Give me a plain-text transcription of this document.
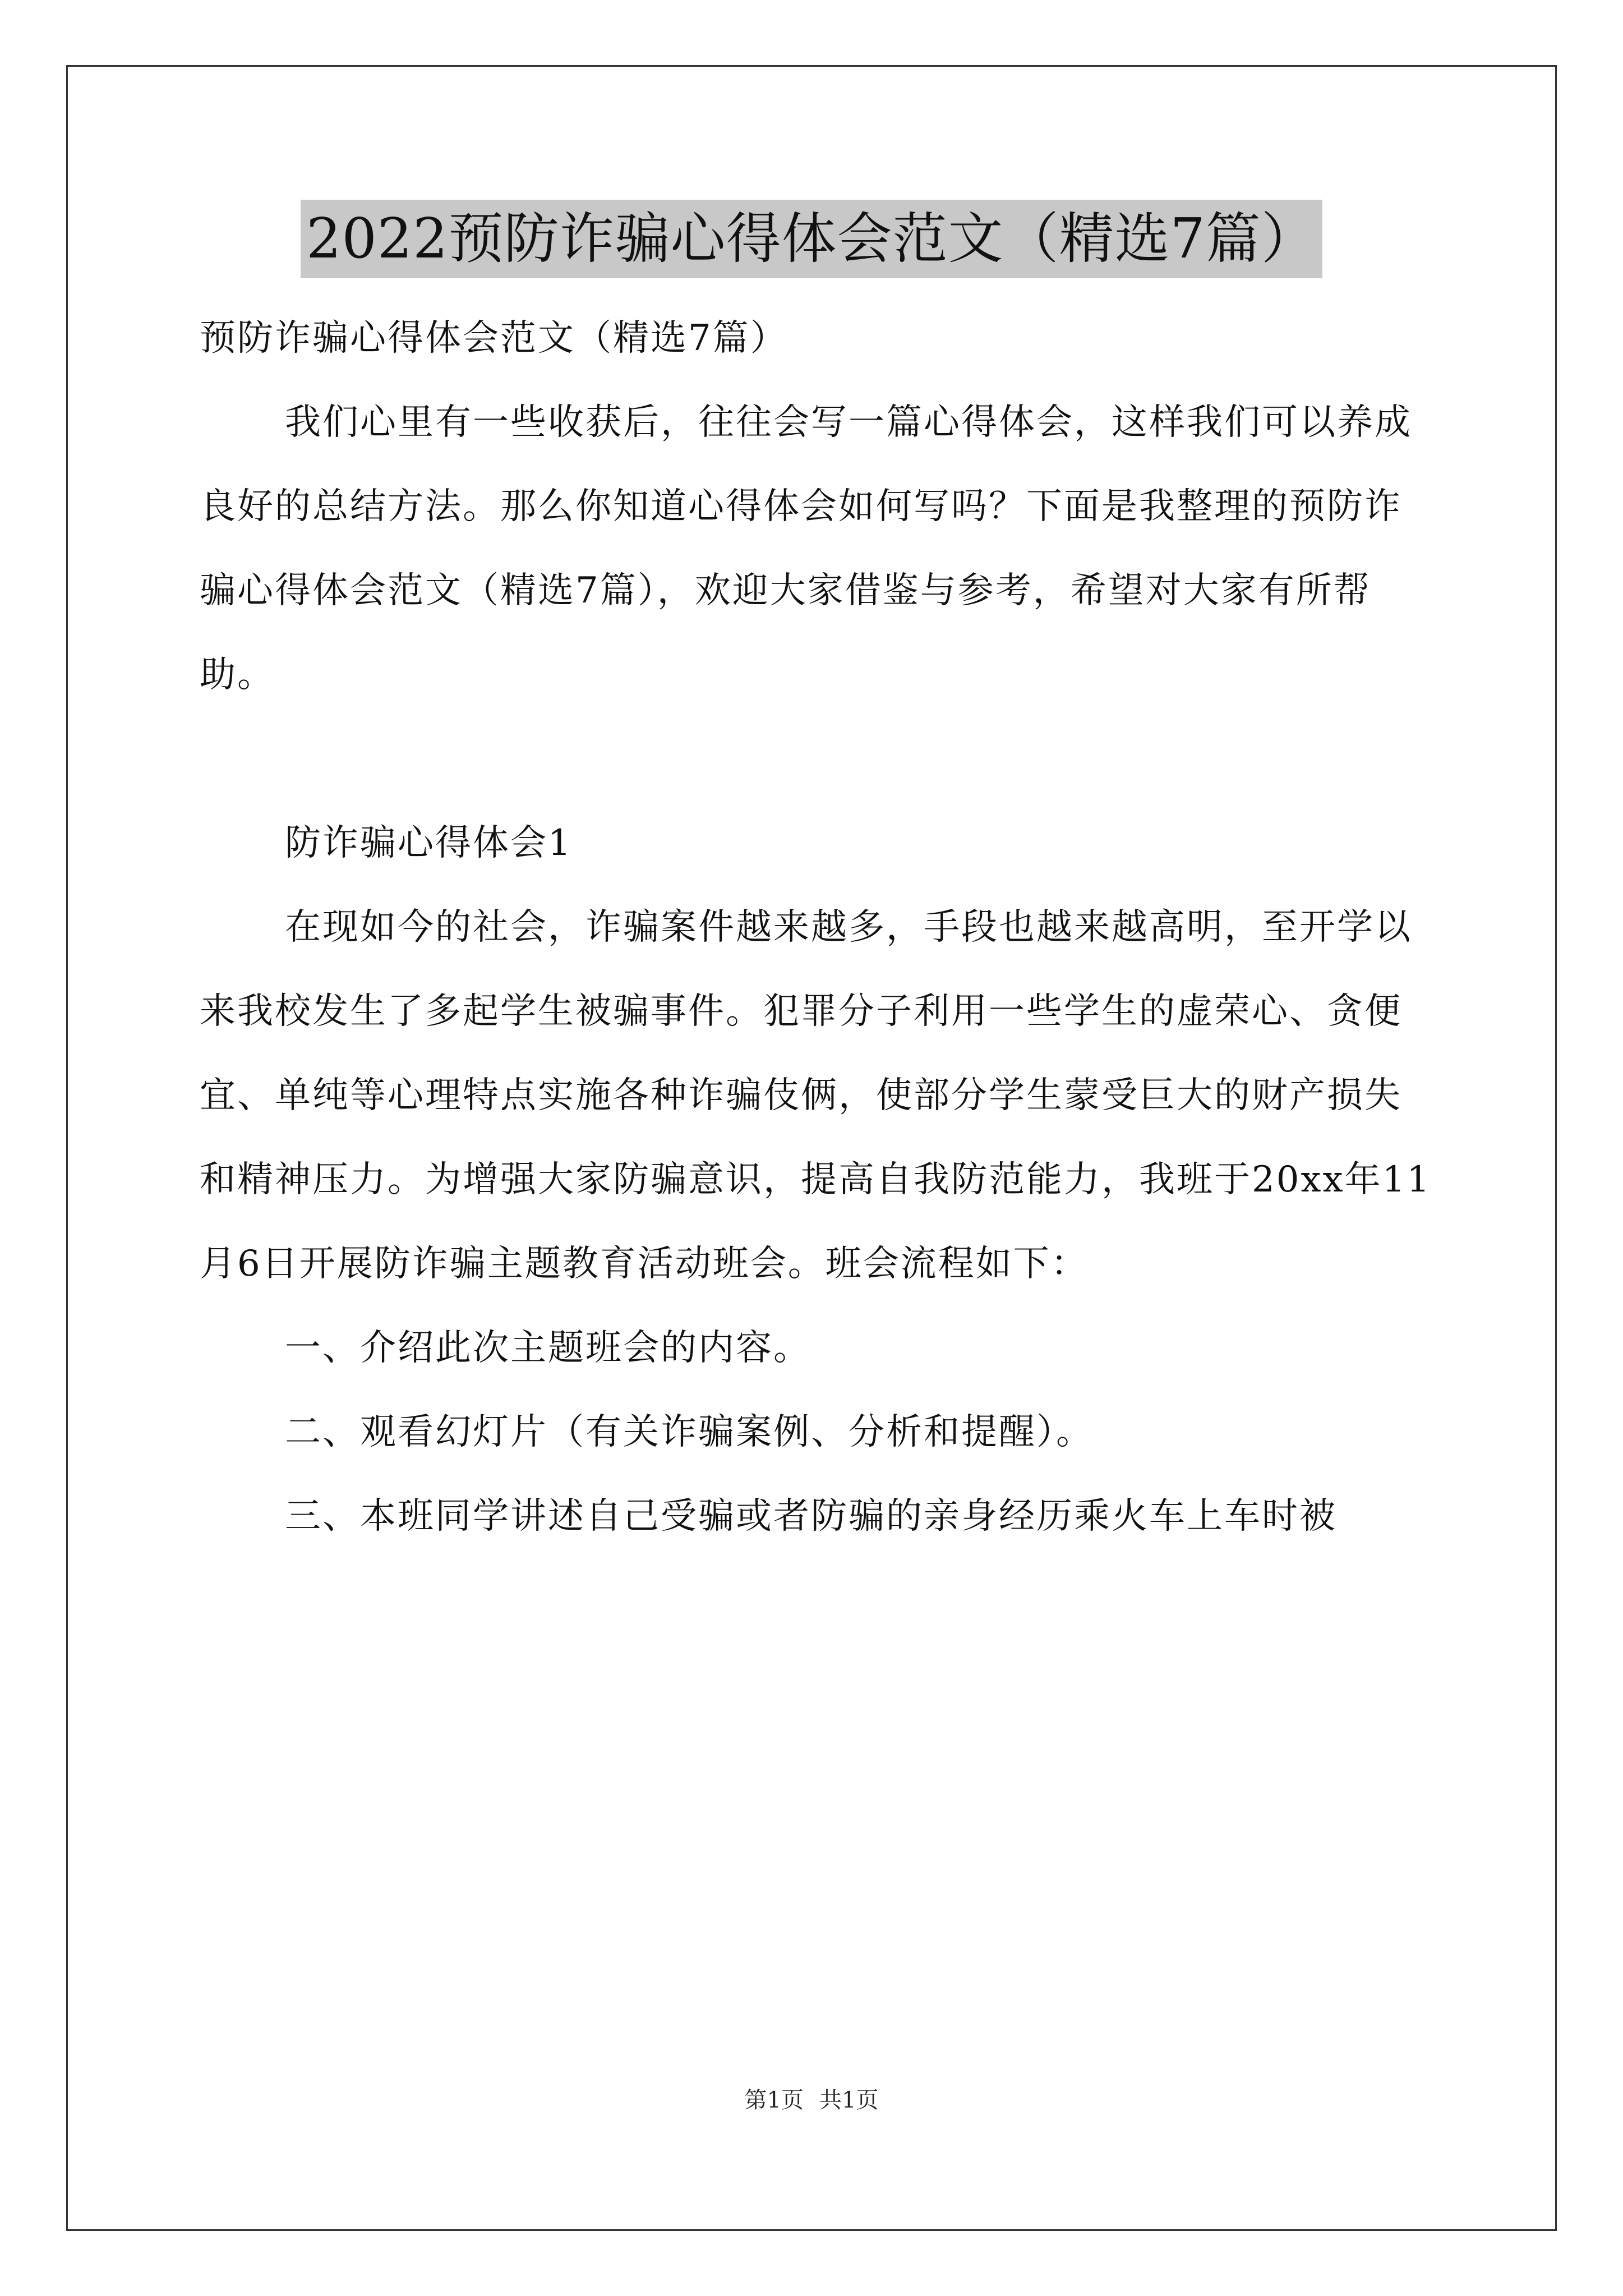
2022预防诈骗心得体会范文（精选7篇）

预防诈骗心得体会范文（精选7篇）

我们心里有一些收获后，往往会写一篇心得体会，这样我们可以养成良好的总结方法。那么你知道心得体会如何写吗？下面是我整理的预防诈骗心得体会范文（精选7篇），欢迎大家借鉴与参考，希望对大家有所帮助。

防诈骗心得体会1

在现如今的社会，诈骗案件越来越多，手段也越来越高明，至开学以来我校发生了多起学生被骗事件。犯罪分子利用一些学生的虚荣心、贪便宜、单纯等心理特点实施各种诈骗伎俩，使部分学生蒙受巨大的财产损失和精神压力。为增强大家防骗意识，提高自我防范能力，我班于20xx年11月6日开展防诈骗主题教育活动班会。班会流程如下：

一、介绍此次主题班会的内容。

二、观看幻灯片（有关诈骗案例、分析和提醒）。

三、本班同学讲述自己受骗或者防骗的亲身经历乘火车上车时被

第1页 共1页
